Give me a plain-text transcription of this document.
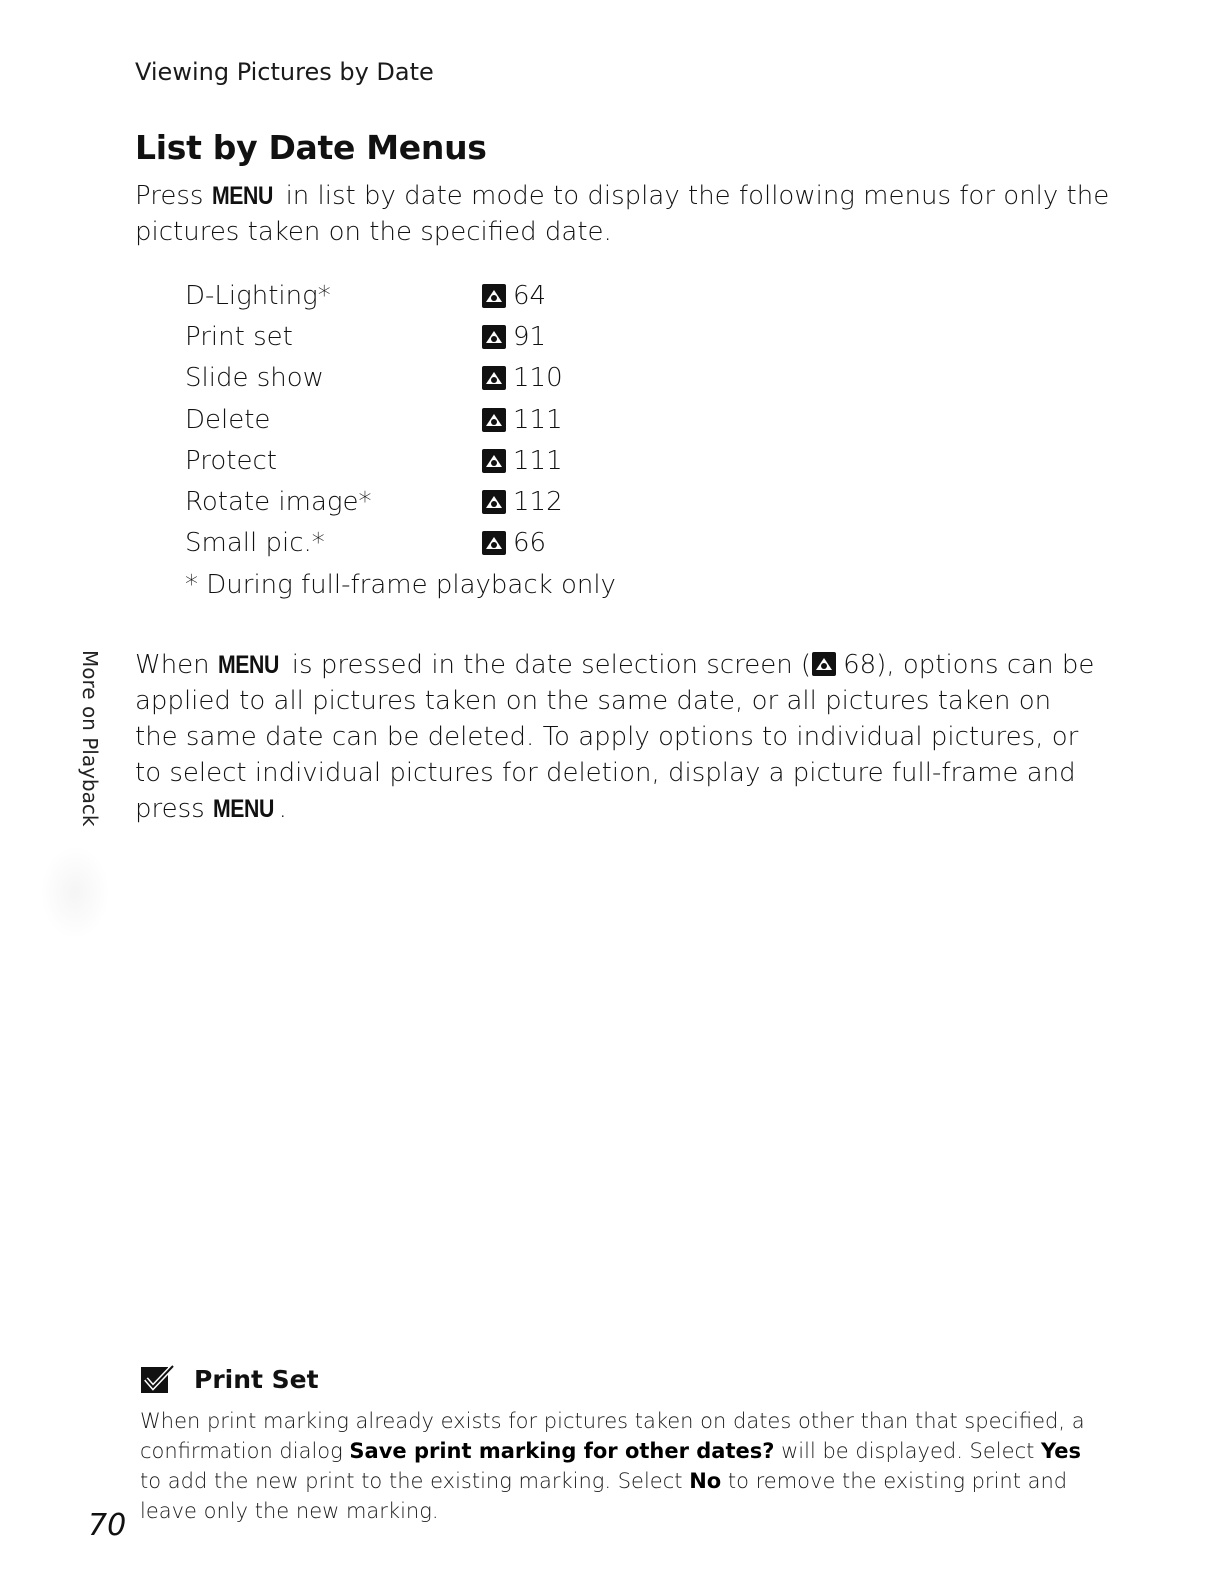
Viewing Pictures by Date
List by Date Menus
Press MENU in list by date mode to display the following menus for only the pictures taken on the specified date.
D-Lighting*	64
Print set	91
Slide show	110
Delete	111
Protect	111
Rotate image*	112
Small pic.*	66
* During full-frame playback only
More on Playback When MENU is pressed in the date selection screen ( 68), options can be applied to all pictures taken on the same date, or all pictures taken on the same date can be deleted. To apply options to individual pictures, or to select individual pictures for deletion, display a picture full-frame and press MENU .
Print Set
When print marking already exists for pictures taken on dates other than that specified, a confirmation dialog Save print marking for other dates? will be displayed. Select Yes to add the new print to the existing marking. Select No to remove the existing print and leave only the new marking.
70
